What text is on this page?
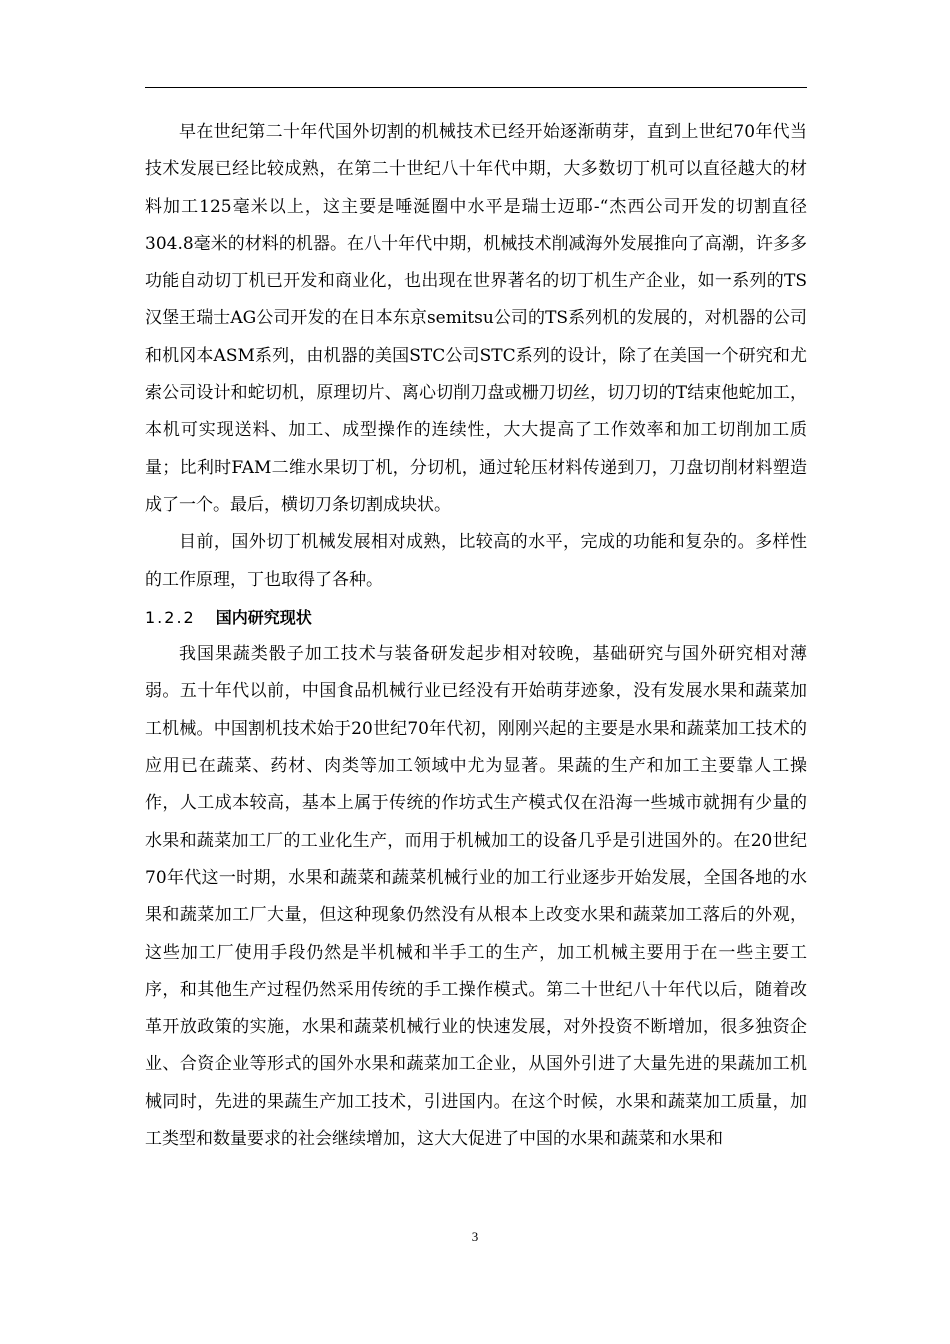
早在世纪第二十年代国外切割的机械技术已经开始逐渐萌芽，直到上世纪70年代当技术发展已经比较成熟，在第二十世纪八十年代中期，大多数切丁机可以直径越大的材料加工125毫米以上，这主要是唾涎圈中水平是瑞士迈耶-“杰西公司开发的切割直径304.8毫米的材料的机器。在八十年代中期，机械技术削减海外发展推向了高潮，许多多功能自动切丁机已开发和商业化，也出现在世界著名的切丁机生产企业，如一系列的TS汉堡王瑞士AG公司开发的在日本东京semitsu公司的TS系列机的发展的，对机器的公司和机冈本ASM系列，由机器的美国STC公司STC系列的设计，除了在美国一个研究和尤索公司设计和蛇切机，原理切片、离心切削刀盘或栅刀切丝，切刀切的T结束他蛇加工，本机可实现送料、加工、成型操作的连续性，大大提高了工作效率和加工切削加工质量；比利时FAM二维水果切丁机，分切机，通过轮压材料传递到刀，刀盘切削材料塑造成了一个。最后，横切刀条切割成块状。

目前，国外切丁机械发展相对成熟，比较高的水平，完成的功能和复杂的。多样性的工作原理，丁也取得了各种。

1.2.2 国内研究现状

我国果蔬类骰子加工技术与装备研发起步相对较晚，基础研究与国外研究相对薄弱。五十年代以前，中国食品机械行业已经没有开始萌芽迹象，没有发展水果和蔬菜加工机械。中国割机技术始于20世纪70年代初，刚刚兴起的主要是水果和蔬菜加工技术的应用已在蔬菜、药材、肉类等加工领域中尤为显著。果蔬的生产和加工主要靠人工操作，人工成本较高，基本上属于传统的作坊式生产模式仅在沿海一些城市就拥有少量的水果和蔬菜加工厂的工业化生产，而用于机械加工的设备几乎是引进国外的。在20世纪70年代这一时期，水果和蔬菜和蔬菜机械行业的加工行业逐步开始发展，全国各地的水果和蔬菜加工厂大量，但这种现象仍然没有从根本上改变水果和蔬菜加工落后的外观，这些加工厂使用手段仍然是半机械和半手工的生产，加工机械主要用于在一些主要工序，和其他生产过程仍然采用传统的手工操作模式。第二十世纪八十年代以后，随着改革开放政策的实施，水果和蔬菜机械行业的快速发展，对外投资不断增加，很多独资企业、合资企业等形式的国外水果和蔬菜加工企业，从国外引进了大量先进的果蔬加工机械同时，先进的果蔬生产加工技术，引进国内。在这个时候，水果和蔬菜加工质量，加工类型和数量要求的社会继续增加，这大大促进了中国的水果和蔬菜和水果和

3
